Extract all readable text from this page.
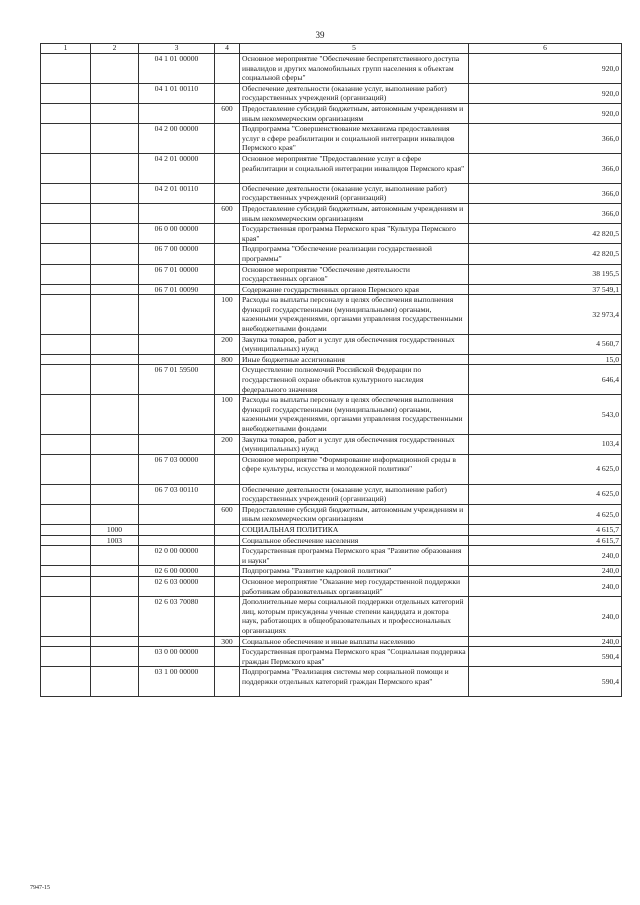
39
1	2	3	4	5	6
		04 1 01 00000		Основное мероприятие "Обеспечение беспрепятственного доступа инвалидов и других маломобильных групп населения к объектам социальной сферы"	920,0
		04 1 01 00110		Обеспечение деятельности (оказание услуг, выполнение работ) государственных учреждений (организаций)	920,0
			600	Предоставление субсидий бюджетным, автономным учреждениям и иным некоммерческим организациям	920,0
		04 2 00 00000		Подпрограмма "Совершенствование механизма предоставления услуг в сфере реабилитации и социальной интеграции инвалидов Пермского края"	366,0
		04 2 01 00000		Основное мероприятие "Предоставление услуг в сфере реабилитации и социальной интеграции инвалидов Пермского края"	366,0
		04 2 01 00110		Обеспечение деятельности (оказание услуг, выполнение работ) государственных учреждений (организаций)	366,0
			600	Предоставление субсидий бюджетным, автономным учреждениям и иным некоммерческим организациям	366,0
		06 0 00 00000		Государственная программа Пермского края "Культура Пермского края"	42 820,5
		06 7 00 00000		Подпрограмма "Обеспечение реализации государственной программы"	42 820,5
		06 7 01 00000		Основное мероприятие "Обеспечение деятельности государственных органов"	38 195,5
		06 7 01 00090		Содержание государственных органов Пермского края	37 549,1
			100	Расходы на выплаты персоналу в целях обеспечения выполнения функций государственными (муниципальными) органами, казенными учреждениями, органами управления государственными внебюджетными фондами	32 973,4
			200	Закупка товаров, работ и услуг для обеспечения государственных (муниципальных) нужд	4 560,7
			800	Иные бюджетные ассигнования	15,0
		06 7 01 59500		Осуществление полномочий Российской Федерации по государственной охране объектов культурного наследия федерального значения	646,4
			100	Расходы на выплаты персоналу в целях обеспечения выполнения функций государственными (муниципальными) органами, казенными учреждениями, органами управления государственными внебюджетными фондами	543,0
			200	Закупка товаров, работ и услуг для обеспечения государственных (муниципальных) нужд	103,4
		06 7 03 00000		Основное мероприятие "Формирование информационной среды в сфере культуры, искусства и молодежной политики"	4 625,0
		06 7 03 00110		Обеспечение деятельности (оказание услуг, выполнение работ) государственных учреждений (организаций)	4 625,0
			600	Предоставление субсидий бюджетным, автономным учреждениям и иным некоммерческим организациям	4 625,0
	1000			СОЦИАЛЬНАЯ ПОЛИТИКА	4 615,7
	1003			Социальное обеспечение населения	4 615,7
		02 0 00 00000		Государственная программа Пермского края "Развитие образования и науки"	240,0
		02 6 00 00000		Подпрограмма "Развитие кадровой политики"	240,0
		02 6 03 00000		Основное мероприятие "Оказание мер государственной поддержки работникам образовательных организаций"	240,0
		02 6 03 70080		Дополнительные меры социальной поддержки отдельных категорий лиц, которым присуждены ученые степени кандидата и доктора наук, работающих в общеобразовательных и профессиональных организациях	240,0
			300	Социальное обеспечение и иные выплаты населению	240,0
		03 0 00 00000		Государственная программа Пермского края "Социальная поддержка граждан Пермского края"	590,4
		03 1 00 00000		Подпрограмма "Реализация системы мер социальной помощи и поддержки отдельных категорий граждан Пермского края"	590,4
7947-15
